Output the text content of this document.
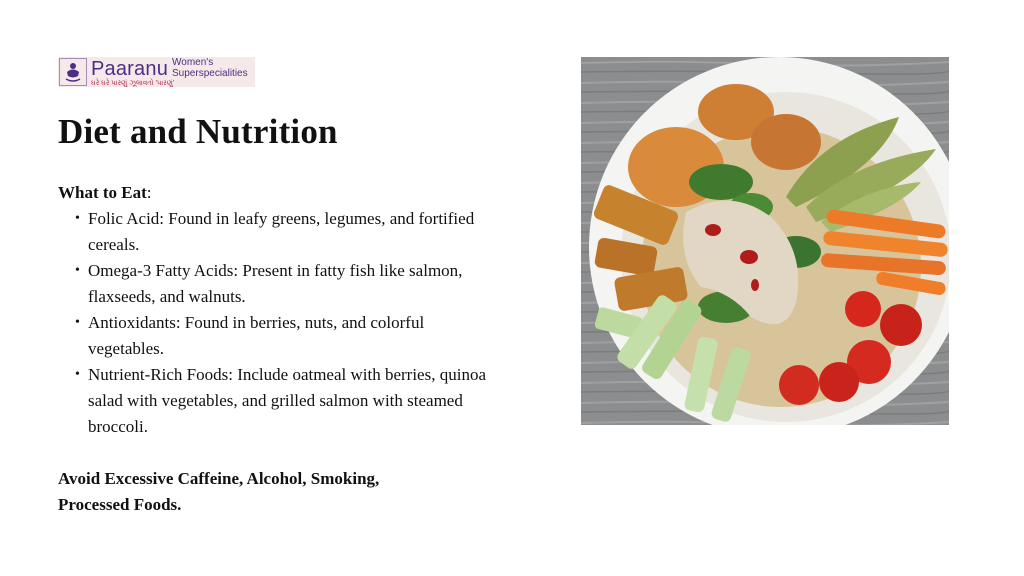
Paaranu Women's
Superspecialities
ઘરે ઘરે પારણું ઝૂલાવતો 'પારણું'
Diet and Nutrition

What to Eat:

• Folic Acid: Found in leafy greens, legumes, and fortified cereals.
• Omega-3 Fatty Acids: Present in fatty fish like salmon, flaxseeds, and walnuts.
• Antioxidants: Found in berries, nuts, and colorful vegetables.
• Nutrient-Rich Foods: Include oatmeal with berries, quinoa salad with vegetables, and grilled salmon with steamed broccoli.

Avoid Excessive Caffeine, Alcohol, Smoking, Processed Foods.
